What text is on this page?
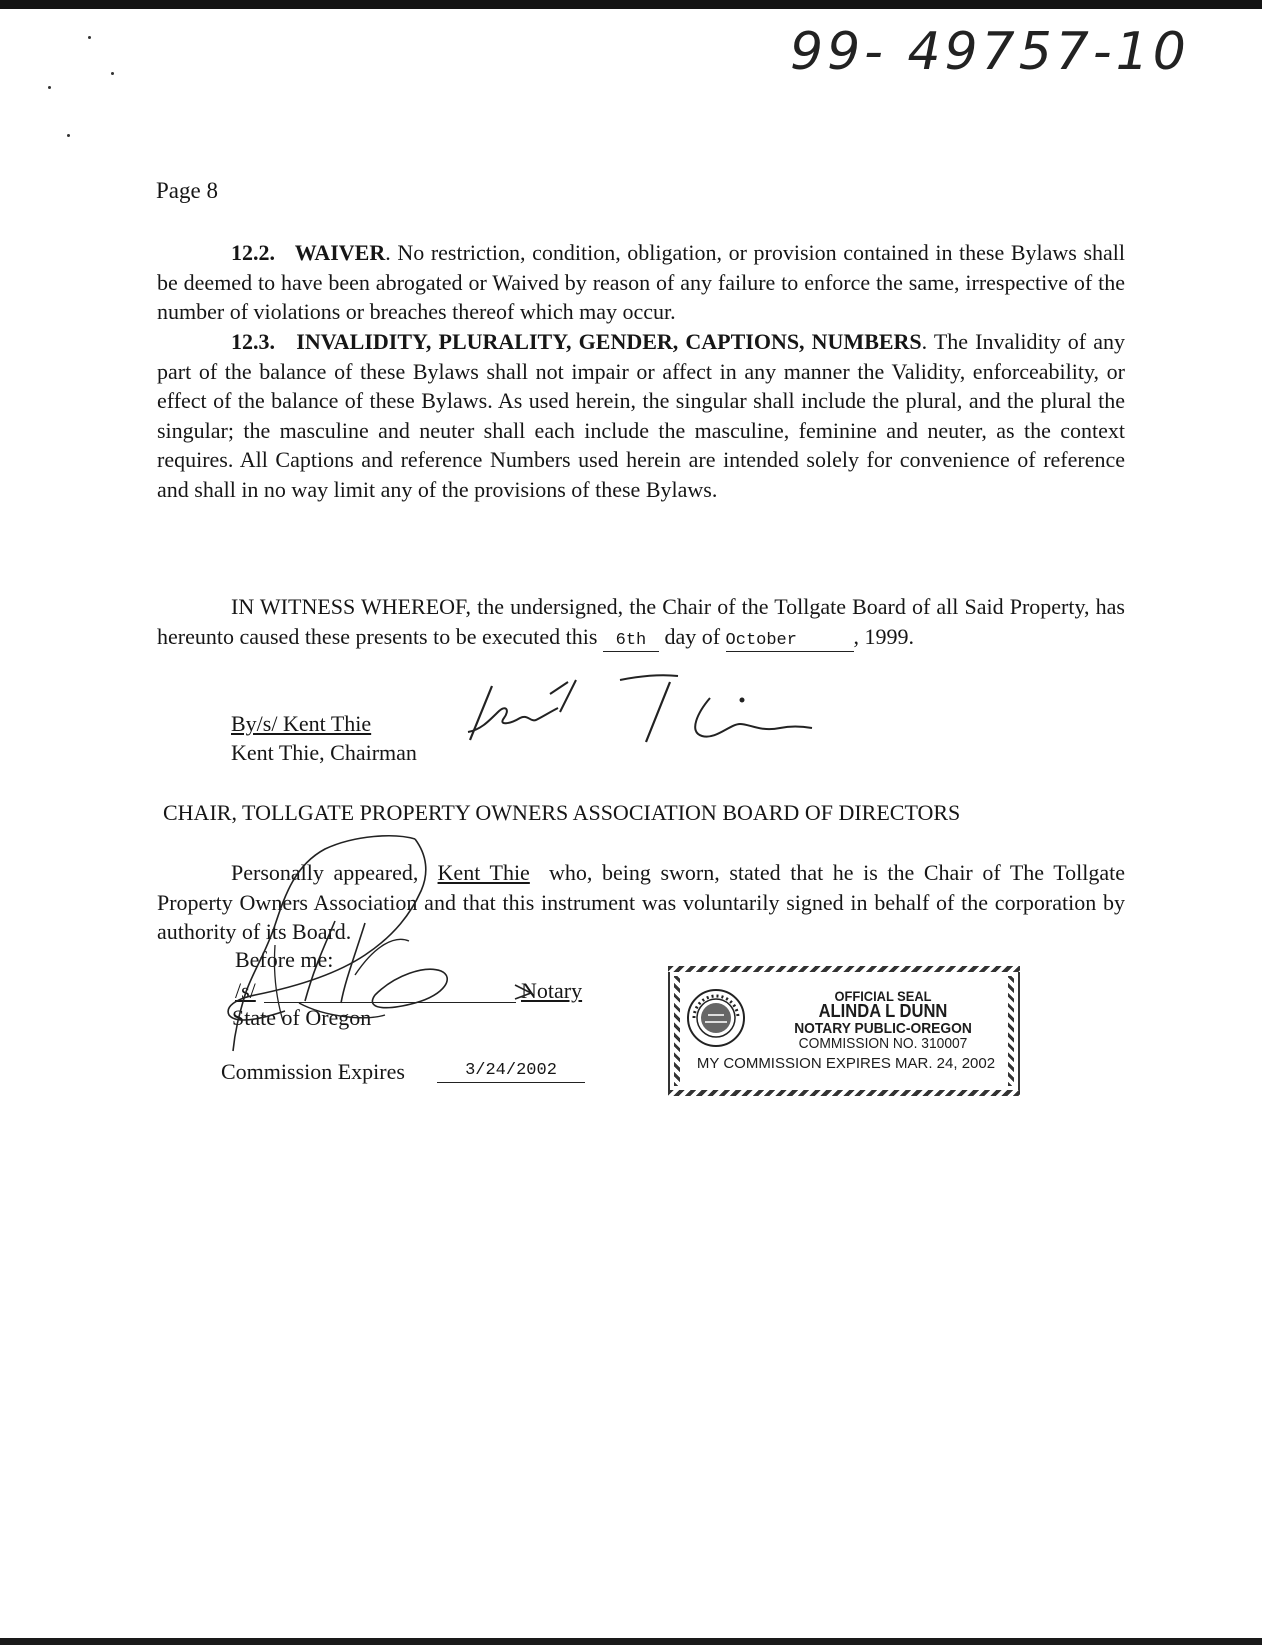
99- 49757-10
Page 8
12.2. WAIVER. No restriction, condition, obligation, or provision contained in these Bylaws shall be deemed to have been abrogated or Waived by reason of any failure to enforce the same, irrespective of the number of violations or breaches thereof which may occur.
12.3. INVALIDITY, PLURALITY, GENDER, CAPTIONS, NUMBERS. The Invalidity of any part of the balance of these Bylaws shall not impair or affect in any manner the Validity, enforceability, or effect of the balance of these Bylaws. As used herein, the singular shall include the plural, and the plural the singular; the masculine and neuter shall each include the masculine, feminine and neuter, as the context requires. All Captions and reference Numbers used herein are intended solely for convenience of reference and shall in no way limit any of the provisions of these Bylaws.
IN WITNESS WHEREOF, the undersigned, the Chair of the Tollgate Board of all Said Property, has hereunto caused these presents to be executed this 6th day of October	, 1999.
By/s/ Kent Thie
Kent Thie, Chairman
CHAIR, TOLLGATE PROPERTY OWNERS ASSOCIATION BOARD OF DIRECTORS
Personally appeared, Kent Thie who, being sworn, stated that he is the Chair of The Tollgate Property Owners Association and that this instrument was voluntarily signed in behalf of the corporation by authority of its Board.
Before me:
/s/	Notary
State of Oregon
Commission Expires	3/24/2002
OFFICIAL SEAL
ALINDA L DUNN
NOTARY PUBLIC-OREGON
COMMISSION NO. 310007
MY COMMISSION EXPIRES MAR. 24, 2002
